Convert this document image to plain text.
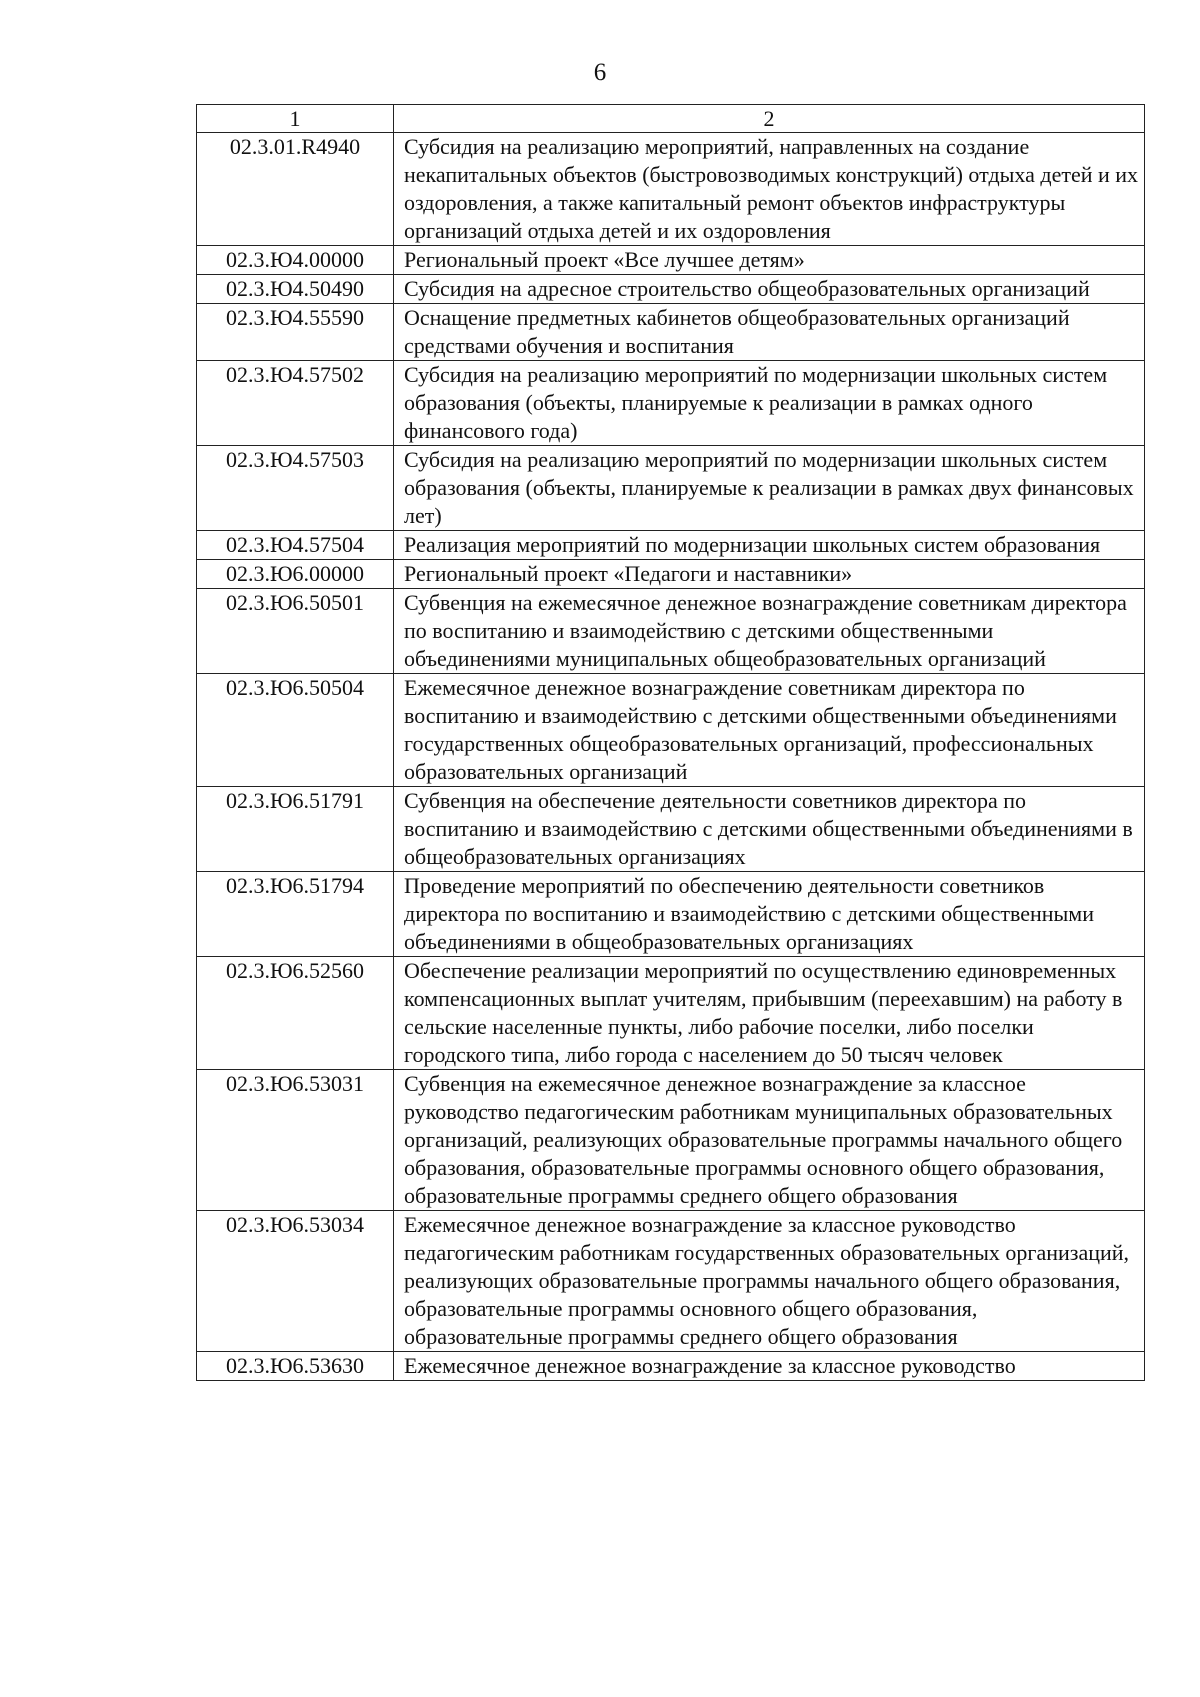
6
1	2
02.3.01.R4940	Субсидия на реализацию мероприятий, направленных на создание некапитальных объектов (быстровозводимых конструкций) отдыха детей и их оздоровления, а также капитальный ремонт объектов инфраструктуры организаций отдыха детей и их оздоровления
02.3.Ю4.00000	Региональный проект «Все лучшее детям»
02.3.Ю4.50490	Субсидия на адресное строительство общеобразовательных организаций
02.3.Ю4.55590	Оснащение предметных кабинетов общеобразовательных организаций средствами обучения и воспитания
02.3.Ю4.57502	Субсидия на реализацию мероприятий по модернизации школьных систем образования (объекты, планируемые к реализации в рамках одного финансового года)
02.3.Ю4.57503	Субсидия на реализацию мероприятий по модернизации школьных систем образования (объекты, планируемые к реализации в рамках двух финансовых лет)
02.3.Ю4.57504	Реализация мероприятий по модернизации школьных систем образования
02.3.Ю6.00000	Региональный проект «Педагоги и наставники»
02.3.Ю6.50501	Субвенция на ежемесячное денежное вознаграждение советникам директора по воспитанию и взаимодействию с детскими общественными объединениями муниципальных общеобразовательных организаций
02.3.Ю6.50504	Ежемесячное денежное вознаграждение советникам директора по воспитанию и взаимодействию с детскими общественными объединениями государственных общеобразовательных организаций, профессиональных образовательных организаций
02.3.Ю6.51791	Субвенция на обеспечение деятельности советников директора по воспитанию и взаимодействию с детскими общественными объединениями в общеобразовательных организациях
02.3.Ю6.51794	Проведение мероприятий по обеспечению деятельности советников директора по воспитанию и взаимодействию с детскими общественными объединениями в общеобразовательных организациях
02.3.Ю6.52560	Обеспечение реализации мероприятий по осуществлению единовременных компенсационных выплат учителям, прибывшим (переехавшим) на работу в сельские населенные пункты, либо рабочие поселки, либо поселки городского типа, либо города с населением до 50 тысяч человек
02.3.Ю6.53031	Субвенция на ежемесячное денежное вознаграждение за классное руководство педагогическим работникам муниципальных образовательных организаций, реализующих образовательные программы начального общего образования, образовательные программы основного общего образования, образовательные программы среднего общего образования
02.3.Ю6.53034	Ежемесячное денежное вознаграждение за классное руководство педагогическим работникам государственных образовательных организаций, реализующих образовательные программы начального общего образования, образовательные программы основного общего образования, образовательные программы среднего общего образования
02.3.Ю6.53630	Ежемесячное денежное вознаграждение за классное руководство
